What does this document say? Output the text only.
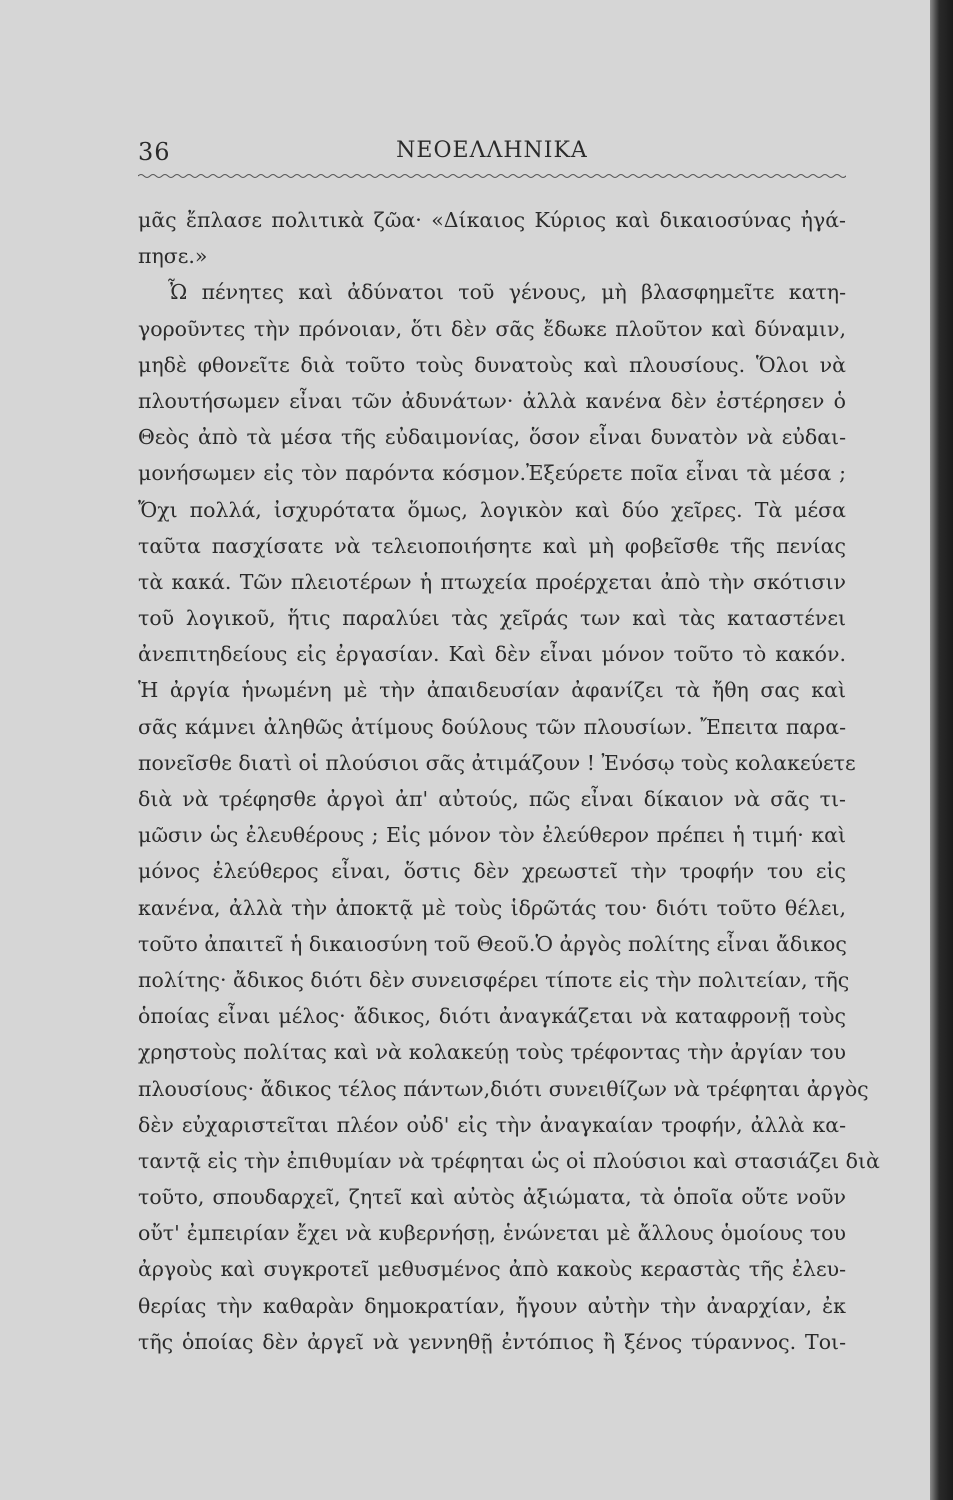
36	ΝΕΟΕΛΛΗΝΙΚΑ
μᾶς ἔπλασε πολιτικὰ ζῶα· «Δίκαιος Κύριος καὶ δικαιοσύνας ἠγά-
πησε.»
Ὦ πένητες καὶ ἀδύνατοι τοῦ γένους, μὴ βλασφημεῖτε κατη-
γοροῦντες τὴν πρόνοιαν, ὅτι δὲν σᾶς ἔδωκε πλοῦτον καὶ δύναμιν,
μηδὲ φθονεῖτε διὰ τοῦτο τοὺς δυνατοὺς καὶ πλουσίους. Ὅλοι νὰ
πλουτήσωμεν εἶναι τῶν ἀδυνάτων· ἀλλὰ κανένα δὲν ἐστέρησεν ὁ
Θεὸς ἀπὸ τὰ μέσα τῆς εὐδαιμονίας, ὅσον εἶναι δυνατὸν νὰ εὐδαι-
μονήσωμεν εἰς τὸν παρόντα κόσμον.Ἐξεύρετε ποῖα εἶναι τὰ μέσα ;
Ὄχι πολλά, ἰσχυρότατα ὅμως, λογικὸν καὶ δύο χεῖρες. Τὰ μέσα
ταῦτα πασχίσατε νὰ τελειοποιήσητε καὶ μὴ φοβεῖσθε τῆς πενίας
τὰ κακά. Τῶν πλειοτέρων ἡ πτωχεία προέρχεται ἀπὸ τὴν σκότισιν
τοῦ λογικοῦ, ἥτις παραλύει τὰς χεῖράς των καὶ τὰς καταστένει
ἀνεπιτηδείους εἰς ἐργασίαν. Καὶ δὲν εἶναι μόνον τοῦτο τὸ κακόν.
Ἡ ἀργία ἡνωμένη μὲ τὴν ἀπαιδευσίαν ἀφανίζει τὰ ἤθη σας καὶ
σᾶς κάμνει ἀληθῶς ἀτίμους δούλους τῶν πλουσίων. Ἔπειτα παρα-
πονεῖσθε διατὶ οἱ πλούσιοι σᾶς ἀτιμάζουν ! Ἐνόσῳ τοὺς κολακεύετε
διὰ νὰ τρέφησθε ἀργοὶ ἀπ' αὐτούς, πῶς εἶναι δίκαιον νὰ σᾶς τι-
μῶσιν ὡς ἐλευθέρους ; Εἰς μόνον τὸν ἐλεύθερον πρέπει ἡ τιμή· καὶ
μόνος ἐλεύθερος εἶναι, ὅστις δὲν χρεωστεῖ τὴν τροφήν του εἰς
κανένα, ἀλλὰ τὴν ἀποκτᾷ μὲ τοὺς ἱδρῶτάς του· διότι τοῦτο θέλει,
τοῦτο ἀπαιτεῖ ἡ δικαιοσύνη τοῦ Θεοῦ.Ὁ ἀργὸς πολίτης εἶναι ἄδικος
πολίτης· ἄδικος διότι δὲν συνεισφέρει τίποτε εἰς τὴν πολιτείαν, τῆς
ὁποίας εἶναι μέλος· ἄδικος, διότι ἀναγκάζεται νὰ καταφρονῇ τοὺς
χρηστοὺς πολίτας καὶ νὰ κολακεύῃ τοὺς τρέφοντας τὴν ἀργίαν του
πλουσίους· ἄδικος τέλος πάντων,διότι συνειθίζων νὰ τρέφηται ἀργὸς
δὲν εὐχαριστεῖται πλέον οὐδ' εἰς τὴν ἀναγκαίαν τροφήν, ἀλλὰ κα-
ταντᾷ εἰς τὴν ἐπιθυμίαν νὰ τρέφηται ὡς οἱ πλούσιοι καὶ στασιάζει διὰ
τοῦτο, σπουδαρχεῖ, ζητεῖ καὶ αὐτὸς ἀξιώματα, τὰ ὁποῖα οὔτε νοῦν
οὔτ' ἐμπειρίαν ἔχει νὰ κυβερνήσῃ, ἑνώνεται μὲ ἄλλους ὁμοίους του
ἀργοὺς καὶ συγκροτεῖ μεθυσμένος ἀπὸ κακοὺς κεραστὰς τῆς ἐλευ-
θερίας τὴν καθαρὰν δημοκρατίαν, ἤγουν αὐτὴν τὴν ἀναρχίαν, ἐκ
τῆς ὁποίας δὲν ἀργεῖ νὰ γεννηθῇ ἐντόπιος ἢ ξένος τύραννος. Τοι-
